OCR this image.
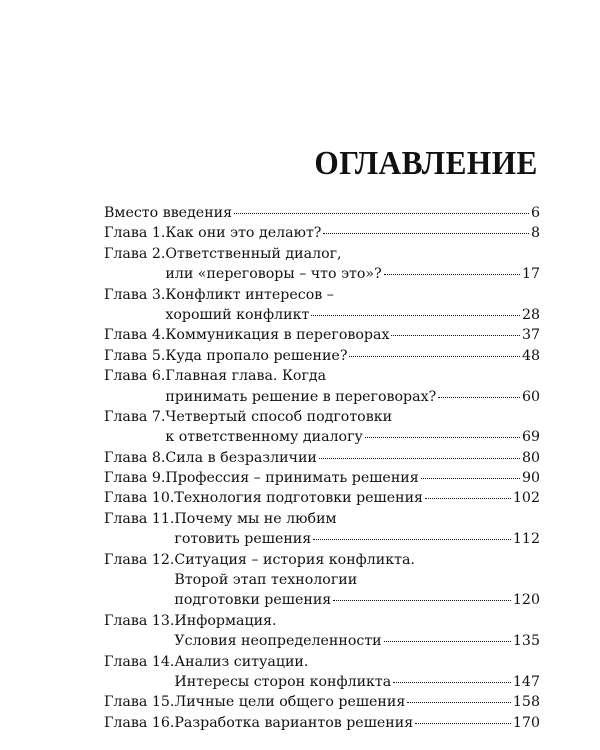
ОГЛАВЛЕНИЕ
Вместо введения	6
Глава 1. Как они это делают?	8
Глава 2. Ответственный диалог,
или «переговоры – что это»?	17
Глава 3. Конфликт интересов –
хороший конфликт	28
Глава 4. Коммуникация в переговорах	37
Глава 5. Куда пропало решение?	48
Глава 6. Главная глава. Когда
принимать решение в переговорах?	60
Глава 7. Четвертый способ подготовки
к ответственному диалогу	69
Глава 8. Сила в безразличии	80
Глава 9. Профессия – принимать решения	90
Глава 10. Технология подготовки решения	102
Глава 11. Почему мы не любим
готовить решения	112
Глава 12. Ситуация – история конфликта.
Второй этап технологии
подготовки решения	120
Глава 13. Информация.
Условия неопределенности	135
Глава 14. Анализ ситуации.
Интересы сторон конфликта	147
Глава 15. Личные цели общего решения	158
Глава 16. Разработка вариантов решения	170
